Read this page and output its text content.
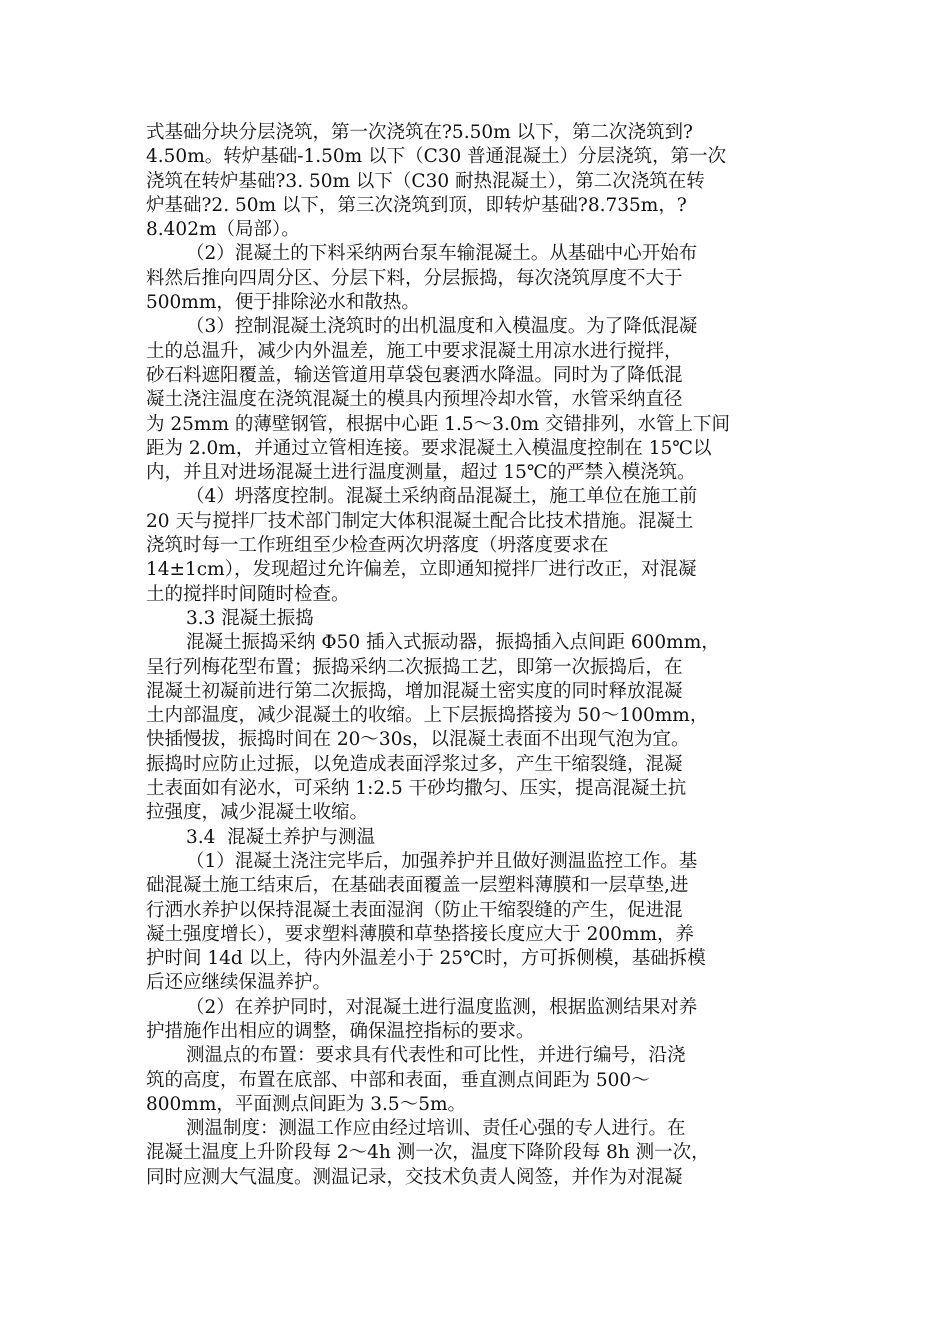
式基础分块分层浇筑，第一次浇筑在?5.50m 以下，第二次浇筑到?
4.50m。转炉基础-1.50m 以下（C30 普通混凝土）分层浇筑，第一次
浇筑在转炉基础?3. 50m 以下（C30 耐热混凝土），第二次浇筑在转
炉基础?2. 50m 以下，第三次浇筑到顶，即转炉基础?8.735m，?
8.402m（局部）。
（2）混凝土的下料采纳两台泵车输混凝土。从基础中心开始布
料然后推向四周分区、分层下料，分层振捣，每次浇筑厚度不大于
500mm，便于排除泌水和散热。
（3）控制混凝土浇筑时的出机温度和入模温度。为了降低混凝
土的总温升，减少内外温差，施工中要求混凝土用凉水进行搅拌，
砂石料遮阳覆盖，输送管道用草袋包裹洒水降温。同时为了降低混
凝土浇注温度在浇筑混凝土的模具内预埋冷却水管，水管采纳直径
为 25mm 的薄壁钢管，根据中心距 1.5～3.0m 交错排列，水管上下间
距为 2.0m，并通过立管相连接。要求混凝土入模温度控制在 15℃以
内，并且对进场混凝土进行温度测量，超过 15℃的严禁入模浇筑。
（4）坍落度控制。混凝土采纳商品混凝土，施工单位在施工前
20 天与搅拌厂技术部门制定大体积混凝土配合比技术措施。混凝土
浇筑时每一工作班组至少检查两次坍落度（坍落度要求在
14±1cm），发现超过允许偏差，立即通知搅拌厂进行改正，对混凝
土的搅拌时间随时检查。
3.3 混凝土振捣
混凝土振捣采纳 Φ50 插入式振动器，振捣插入点间距 600mm，
呈行列梅花型布置；振捣采纳二次振捣工艺，即第一次振捣后，在
混凝土初凝前进行第二次振捣，增加混凝土密实度的同时释放混凝
土内部温度，减少混凝土的收缩。上下层振捣搭接为 50～100mm，
快插慢拔，振捣时间在 20～30s，以混凝土表面不出现气泡为宜。
振捣时应防止过振，以免造成表面浮浆过多，产生干缩裂缝，混凝
土表面如有泌水，可采纳 1:2.5 干砂均撒匀、压实，提高混凝土抗
拉强度，减少混凝土收缩。
3.4  混凝土养护与测温
（1）混凝土浇注完毕后，加强养护并且做好测温监控工作。基
础混凝土施工结束后，在基础表面覆盖一层塑料薄膜和一层草垫,进
行洒水养护以保持混凝土表面湿润（防止干缩裂缝的产生，促进混
凝土强度增长），要求塑料薄膜和草垫搭接长度应大于 200mm，养
护时间 14d 以上，待内外温差小于 25℃时，方可拆侧模，基础拆模
后还应继续保温养护。
（2）在养护同时，对混凝土进行温度监测，根据监测结果对养
护措施作出相应的调整，确保温控指标的要求。
测温点的布置：要求具有代表性和可比性，并进行编号，沿浇
筑的高度，布置在底部、中部和表面，垂直测点间距为 500～
800mm，平面测点间距为 3.5～5m。
测温制度：测温工作应由经过培训、责任心强的专人进行。在
混凝土温度上升阶段每 2～4h 测一次，温度下降阶段每 8h 测一次，
同时应测大气温度。测温记录，交技术负责人阅签，并作为对混凝
